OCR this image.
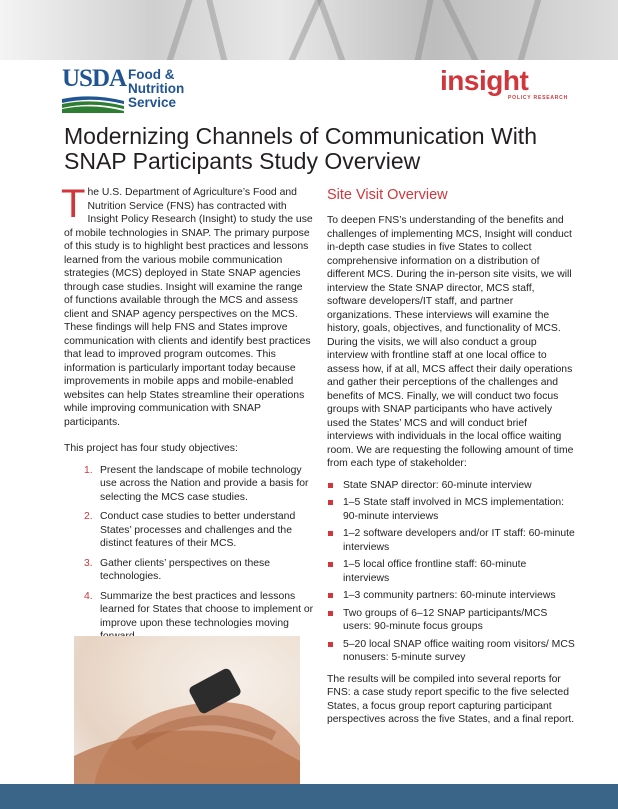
USDA Food &
Nutrition
Service
insight
POLICY RESEARCH
Modernizing Channels of Communication With
SNAP Participants Study Overview

The U.S. Department of Agriculture’s Food and Nutrition Service (FNS) has contracted with Insight Policy Research (Insight) to study the use of mobile technologies in SNAP. The primary purpose of this study is to highlight best practices and lessons learned from the various mobile communication strategies (MCS) deployed in State SNAP agencies through case studies. Insight will examine the range of functions available through the MCS and assess client and SNAP agency perspectives on the MCS. These findings will help FNS and States improve communication with clients and identify best practices that lead to improved program outcomes. This information is particularly important today because improvements in mobile apps and mobile-enabled websites can help States streamline their operations while improving communication with SNAP participants.

This project has four study objectives:

1. Present the landscape of mobile technology use across the Nation and provide a basis for selecting the MCS case studies.
2. Conduct case studies to better understand States’ processes and challenges and the distinct features of their MCS.
3. Gather clients’ perspectives on these technologies.
4. Summarize the best practices and lessons learned for States that choose to implement or improve upon these technologies moving
Site Visit Overview

To deepen FNS’s understanding of the benefits and challenges of implementing MCS, Insight will conduct in-depth case studies in five States to collect comprehensive information on a distribution of different MCS. During the in-person site visits, we will interview the State SNAP director, MCS staff, software developers/IT staff, and partner organizations. These interviews will examine the history, goals, objectives, and functionality of MCS. During the visits, we will also conduct a group interview with frontline staff at one local office to assess how, if at all, MCS affect their daily operations and gather their perceptions of the challenges and benefits of MCS. Finally, we will conduct two focus groups with SNAP participants who have actively used the States’ MCS and will conduct brief interviews with individuals in the local office waiting room. We are requesting the following amount of time from each type of stakeholder:

State SNAP director: 60-minute interview
1–5 State staff involved in MCS implementation: 90-minute interviews
1–2 software developers and/or IT staff: 60-minute interviews
1–5 local office frontline staff: 60-minute interviews
1–3 community partners: 60-minute interviews
Two groups of 6–12 SNAP participants/MCS users: 90-minute focus groups
5–20 local SNAP office waiting room visitors/ MCS nonusers: 5-minute survey

The results will be compiled into several reports for FNS: a case study report specific to the five selected States, a focus group report capturing participant perspectives across the five States, and a final report.
